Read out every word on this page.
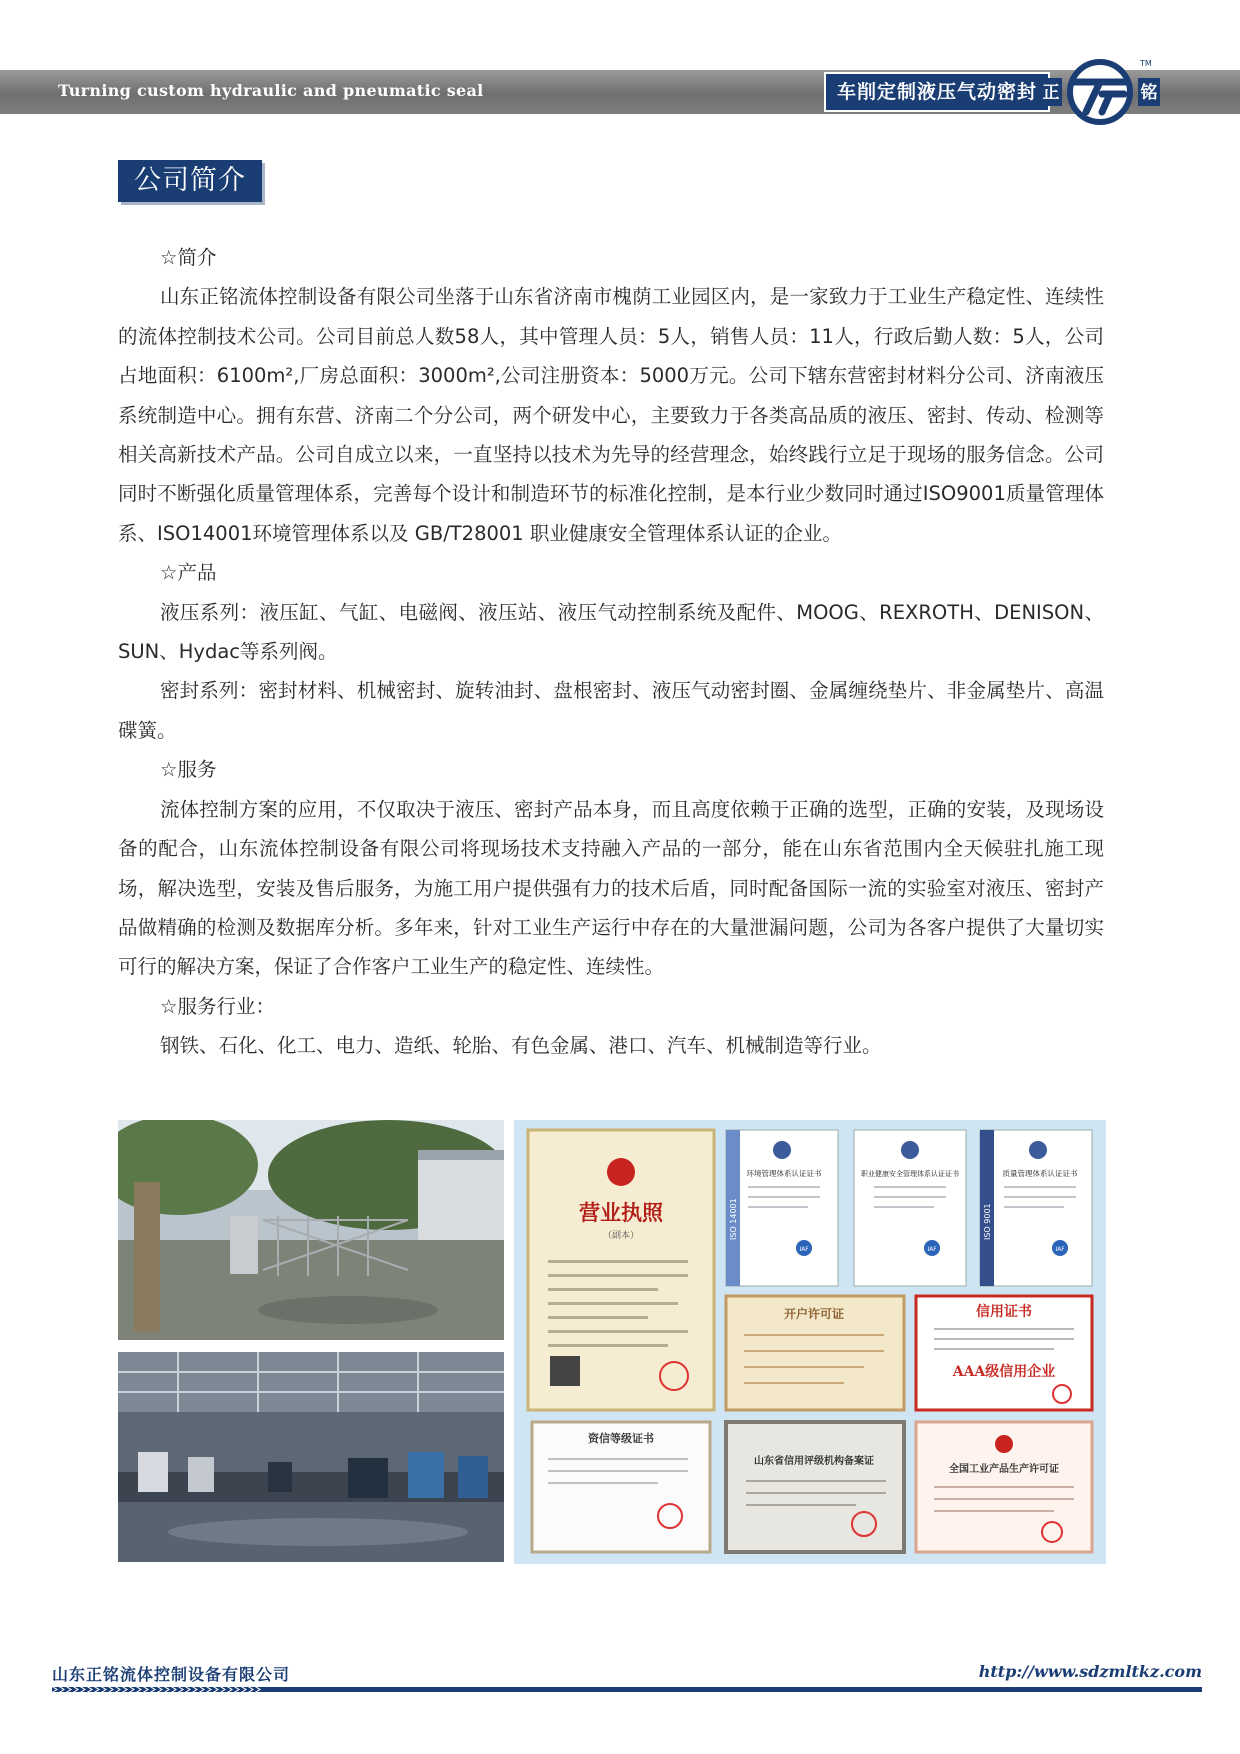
Turning custom hydraulic and pneumatic seal	车削定制液压气动密封 正	铭
TM
公司简介

☆简介

山东正铭流体控制设备有限公司坐落于山东省济南市槐荫工业园区内，是一家致力于工业生产稳定性、连续性的流体控制技术公司。公司目前总人数58人，其中管理人员：5人，销售人员：11人，行政后勤人数：5人，公司占地面积：6100m²,厂房总面积：3000m²,公司注册资本：5000万元。公司下辖东营密封材料分公司、济南液压系统制造中心。拥有东营、济南二个分公司，两个研发中心，主要致力于各类高品质的液压、密封、传动、检测等相关高新技术产品。公司自成立以来，一直坚持以技术为先导的经营理念，始终践行立足于现场的服务信念。公司同时不断强化质量管理体系，完善每个设计和制造环节的标准化控制，是本行业少数同时通过ISO9001质量管理体系、ISO14001环境管理体系以及 GB/T28001 职业健康安全管理体系认证的企业。

☆产品

液压系列：液压缸、气缸、电磁阀、液压站、液压气动控制系统及配件、MOOG、REXROTH、DENISON、SUN、Hydac等系列阀。

密封系列：密封材料、机械密封、旋转油封、盘根密封、液压气动密封圈、金属缠绕垫片、非金属垫片、高温碟簧。

☆服务

流体控制方案的应用，不仅取决于液压、密封产品本身，而且高度依赖于正确的选型，正确的安装，及现场设备的配合，山东流体控制设备有限公司将现场技术支持融入产品的一部分，能在山东省范围内全天候驻扎施工现场，解决选型，安装及售后服务，为施工用户提供强有力的技术后盾，同时配备国际一流的实验室对液压、密封产品做精确的检测及数据库分析。多年来，针对工业生产运行中存在的大量泄漏问题，公司为各客户提供了大量切实可行的解决方案，保证了合作客户工业生产的稳定性、连续性。

☆服务行业：

钢铁、石化、化工、电力、造纸、轮胎、有色金属、港口、汽车、机械制造等行业。

营业执照
（副本）	ISO 14001
环境管理体系认证证书
IAF
职业健康安全管理体系认证证书
IAF
ISO 9001
质量管理体系认证证书
IAF
开户许可证	信用证书
AAA级信用企业
资信等级证书
山东省信用评级机构备案证
全国工业产品生产许可证
山东正铭流体控制设备有限公司	http://www.sdzmltkz.com
